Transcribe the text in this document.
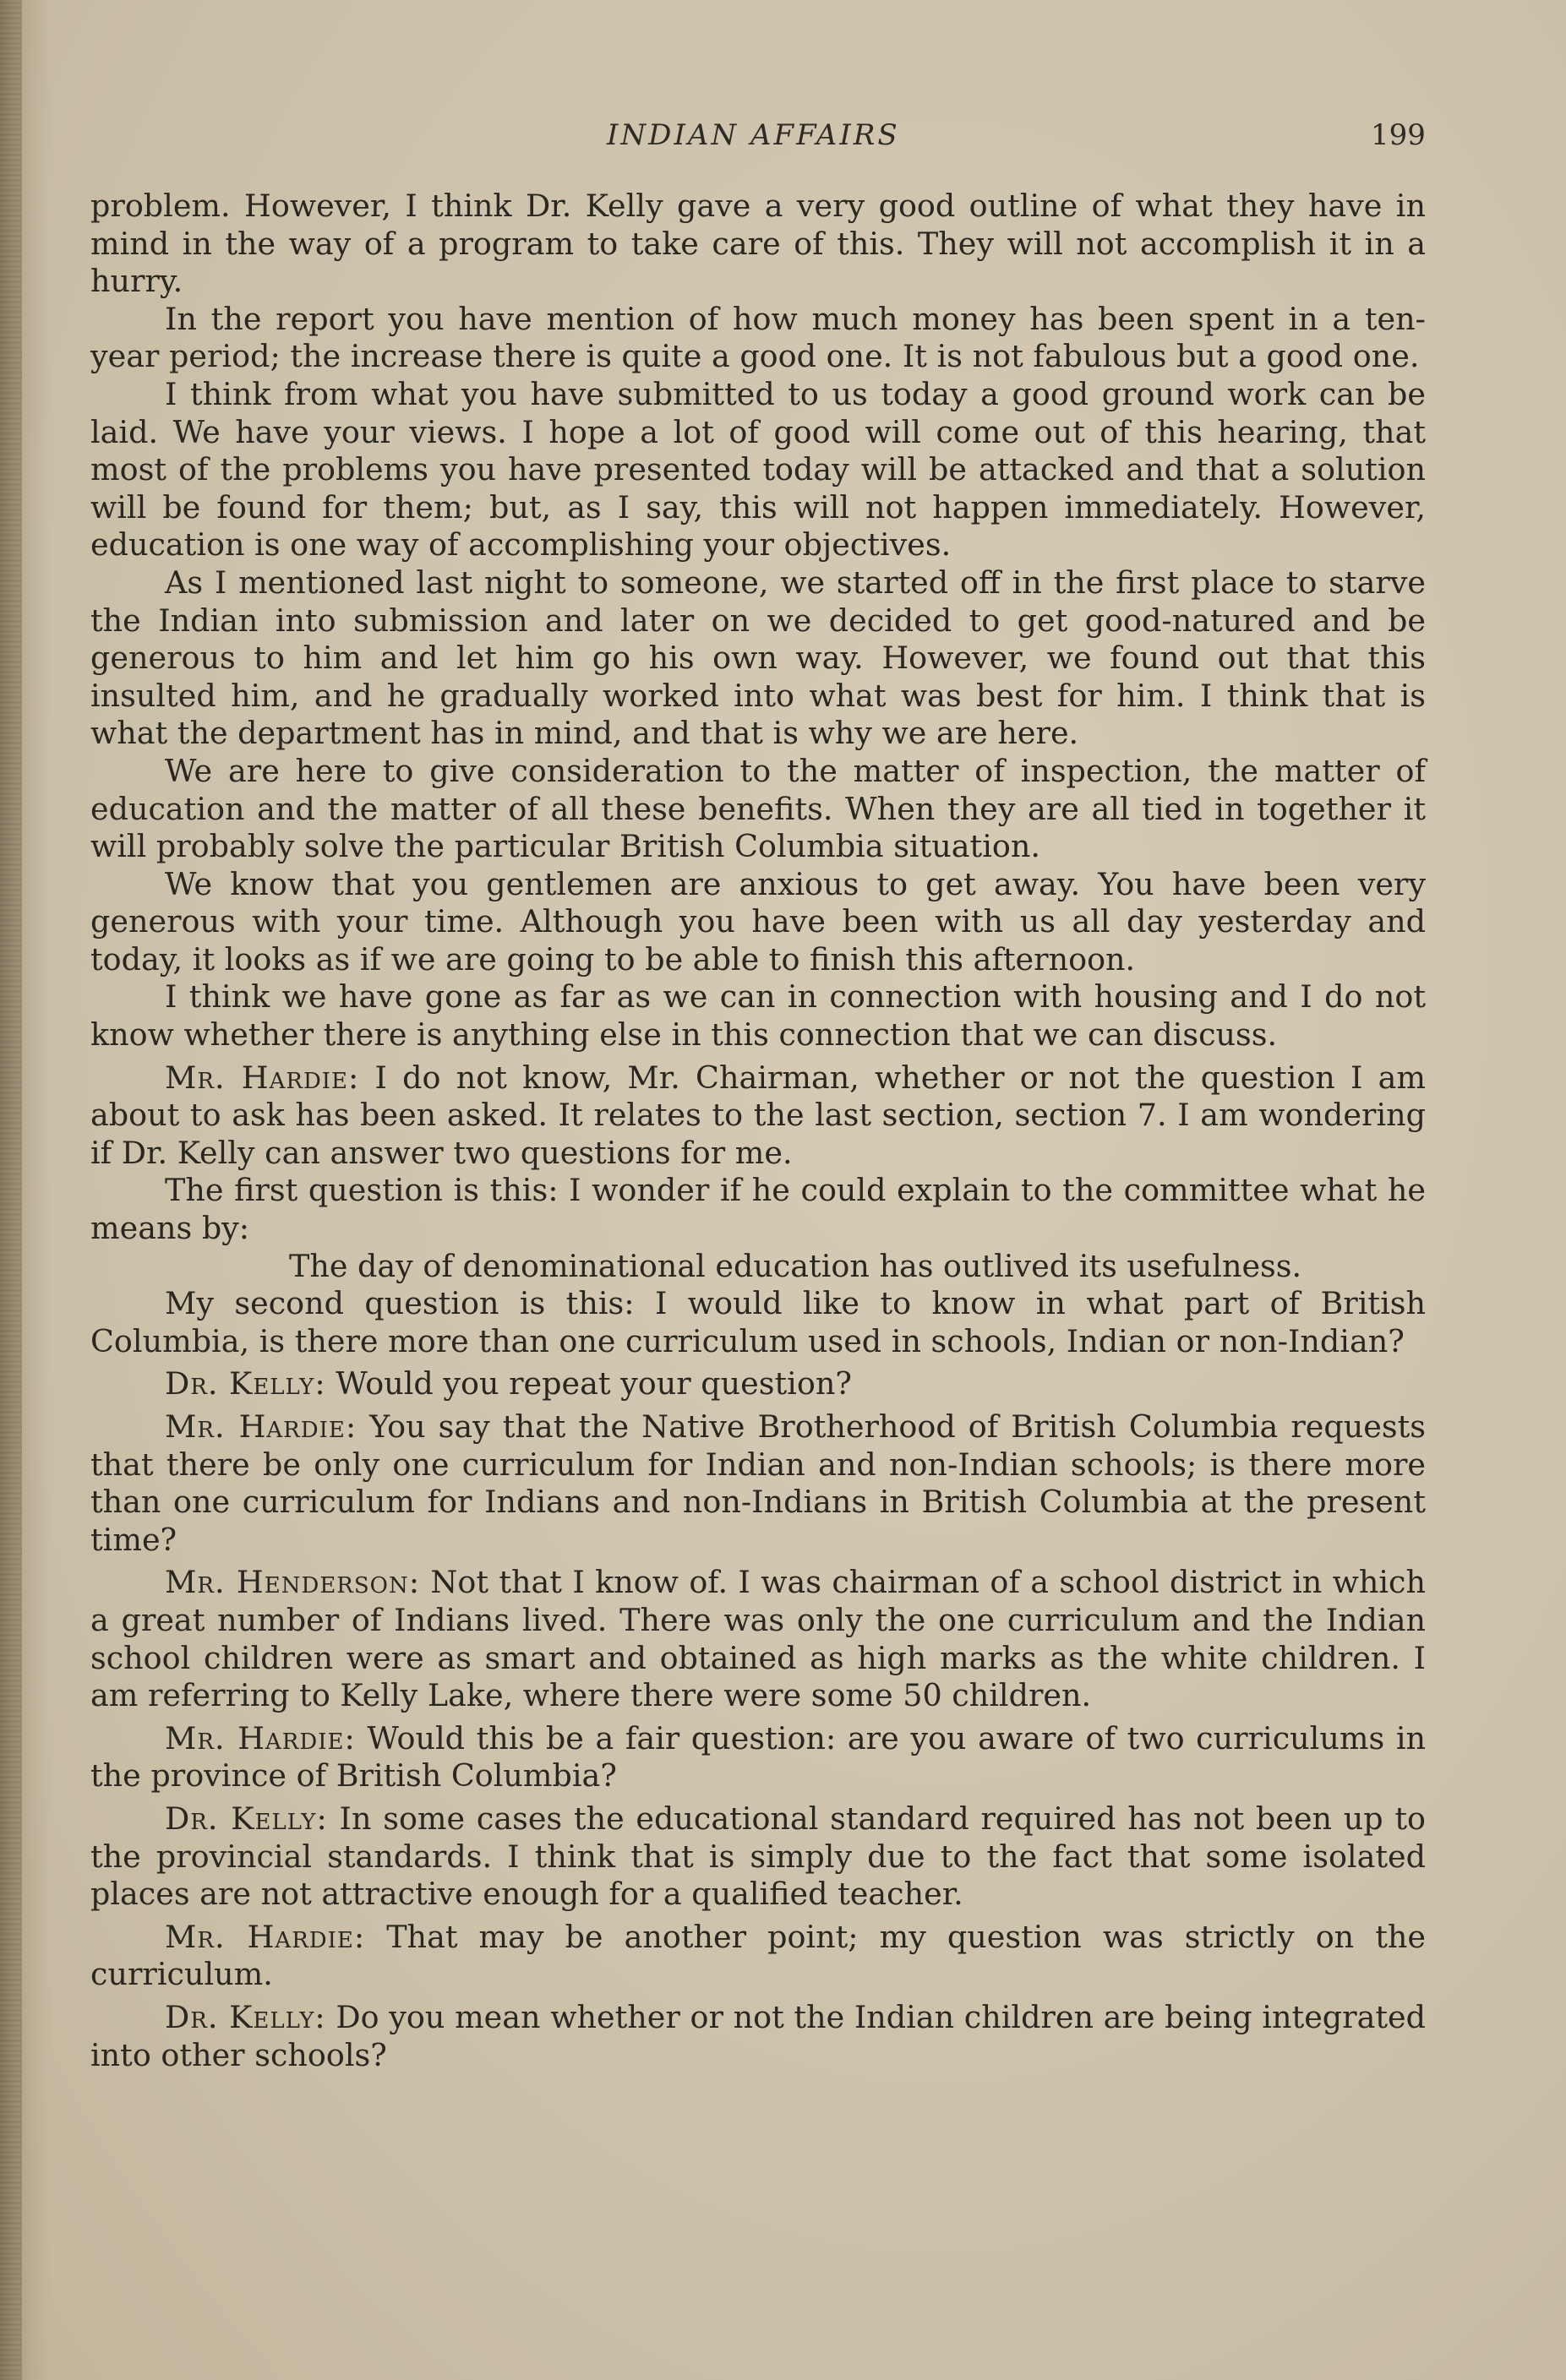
INDIAN AFFAIRS	199

problem. However, I think Dr. Kelly gave a very good outline of what they have in mind in the way of a program to take care of this. They will not accomplish it in a hurry.

In the report you have mention of how much money has been spent in a ten-year period; the increase there is quite a good one. It is not fabulous but a good one.

I think from what you have submitted to us today a good ground work can be laid. We have your views. I hope a lot of good will come out of this hearing, that most of the problems you have presented today will be attacked and that a solution will be found for them; but, as I say, this will not happen immediately. However, education is one way of accomplishing your objectives.

As I mentioned last night to someone, we started off in the first place to starve the Indian into submission and later on we decided to get good-natured and be generous to him and let him go his own way. However, we found out that this insulted him, and he gradually worked into what was best for him. I think that is what the department has in mind, and that is why we are here.

We are here to give consideration to the matter of inspection, the matter of education and the matter of all these benefits. When they are all tied in together it will probably solve the particular British Columbia situation.

We know that you gentlemen are anxious to get away. You have been very generous with your time. Although you have been with us all day yesterday and today, it looks as if we are going to be able to finish this afternoon.

I think we have gone as far as we can in connection with housing and I do not know whether there is anything else in this connection that we can discuss.

Mr. Hardie: I do not know, Mr. Chairman, whether or not the question I am about to ask has been asked. It relates to the last section, section 7. I am wondering if Dr. Kelly can answer two questions for me.

The first question is this: I wonder if he could explain to the committee what he means by:

The day of denominational education has outlived its usefulness.

My second question is this: I would like to know in what part of British Columbia, is there more than one curriculum used in schools, Indian or non-Indian?

Dr. Kelly: Would you repeat your question?

Mr. Hardie: You say that the Native Brotherhood of British Columbia requests that there be only one curriculum for Indian and non-Indian schools; is there more than one curriculum for Indians and non-Indians in British Columbia at the present time?

Mr. Henderson: Not that I know of. I was chairman of a school district in which a great number of Indians lived. There was only the one curriculum and the Indian school children were as smart and obtained as high marks as the white children. I am referring to Kelly Lake, where there were some 50 children.

Mr. Hardie: Would this be a fair question: are you aware of two curriculums in the province of British Columbia?

Dr. Kelly: In some cases the educational standard required has not been up to the provincial standards. I think that is simply due to the fact that some isolated places are not attractive enough for a qualified teacher.

Mr. Hardie: That may be another point; my question was strictly on the curriculum.

Dr. Kelly: Do you mean whether or not the Indian children are being integrated into other schools?
